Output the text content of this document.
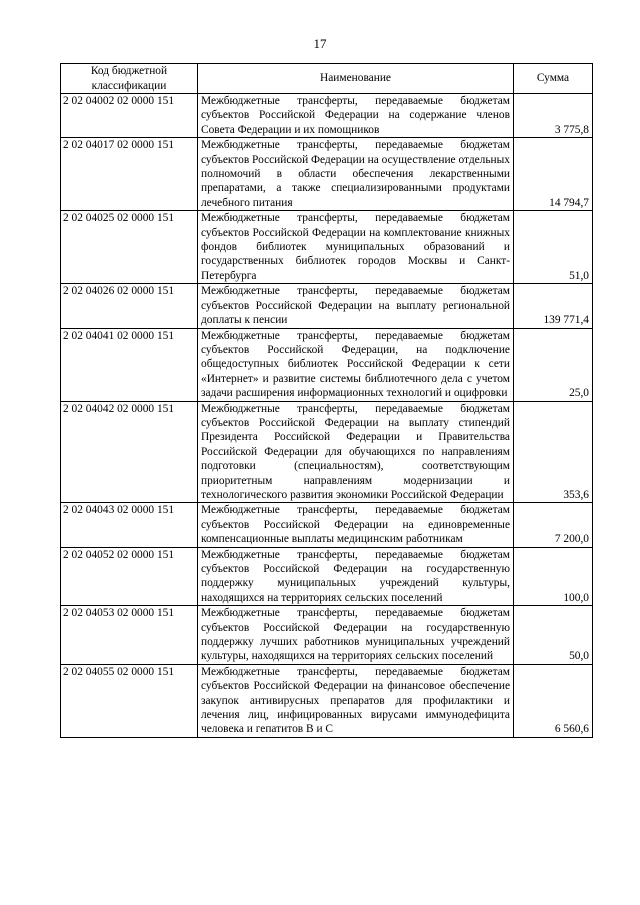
17
Код бюджетной классификации	Наименование	Сумма
2 02 04002 02 0000 151	Межбюджетные трансферты, передаваемые бюджетам субъектов Российской Федерации на содержание членов Совета Федерации и их помощников	3 775,8
2 02 04017 02 0000 151	Межбюджетные трансферты, передаваемые бюджетам субъектов Российской Федерации на осуществление отдельных полномочий в области обеспечения лекарственными препаратами, а также специализированными продуктами лечебного питания	14 794,7
2 02 04025 02 0000 151	Межбюджетные трансферты, передаваемые бюджетам субъектов Российской Федерации на комплектование книжных фондов библиотек муниципальных образований и государственных библиотек городов Москвы и Санкт-Петербурга	51,0
2 02 04026 02 0000 151	Межбюджетные трансферты, передаваемые бюджетам субъектов Российской Федерации на выплату региональной доплаты к пенсии	139 771,4
2 02 04041 02 0000 151	Межбюджетные трансферты, передаваемые бюджетам субъектов Российской Федерации, на подключение общедоступных библиотек Российской Федерации к сети «Интернет» и развитие системы библиотечного дела с учетом задачи расширения информационных технологий и оцифровки	25,0
2 02 04042 02 0000 151	Межбюджетные трансферты, передаваемые бюджетам субъектов Российской Федерации на выплату стипендий Президента Российской Федерации и Правительства Российской Федерации для обучающихся по направлениям подготовки (специальностям), соответствующим приоритетным направлениям модернизации и технологического развития экономики Российской Федерации	353,6
2 02 04043 02 0000 151	Межбюджетные трансферты, передаваемые бюджетам субъектов Российской Федерации на единовременные компенсационные выплаты медицинским работникам	7 200,0
2 02 04052 02 0000 151	Межбюджетные трансферты, передаваемые бюджетам субъектов Российской Федерации на государственную поддержку муниципальных учреждений культуры, находящихся на территориях сельских поселений	100,0
2 02 04053 02 0000 151	Межбюджетные трансферты, передаваемые бюджетам субъектов Российской Федерации на государственную поддержку лучших работников муниципальных учреждений культуры, находящихся на территориях сельских поселений	50,0
2 02 04055 02 0000 151	Межбюджетные трансферты, передаваемые бюджетам субъектов Российской Федерации на финансовое обеспечение закупок антивирусных препаратов для профилактики и лечения лиц, инфицированных вирусами иммунодефицита человека и гепатитов В и С	6 560,6
